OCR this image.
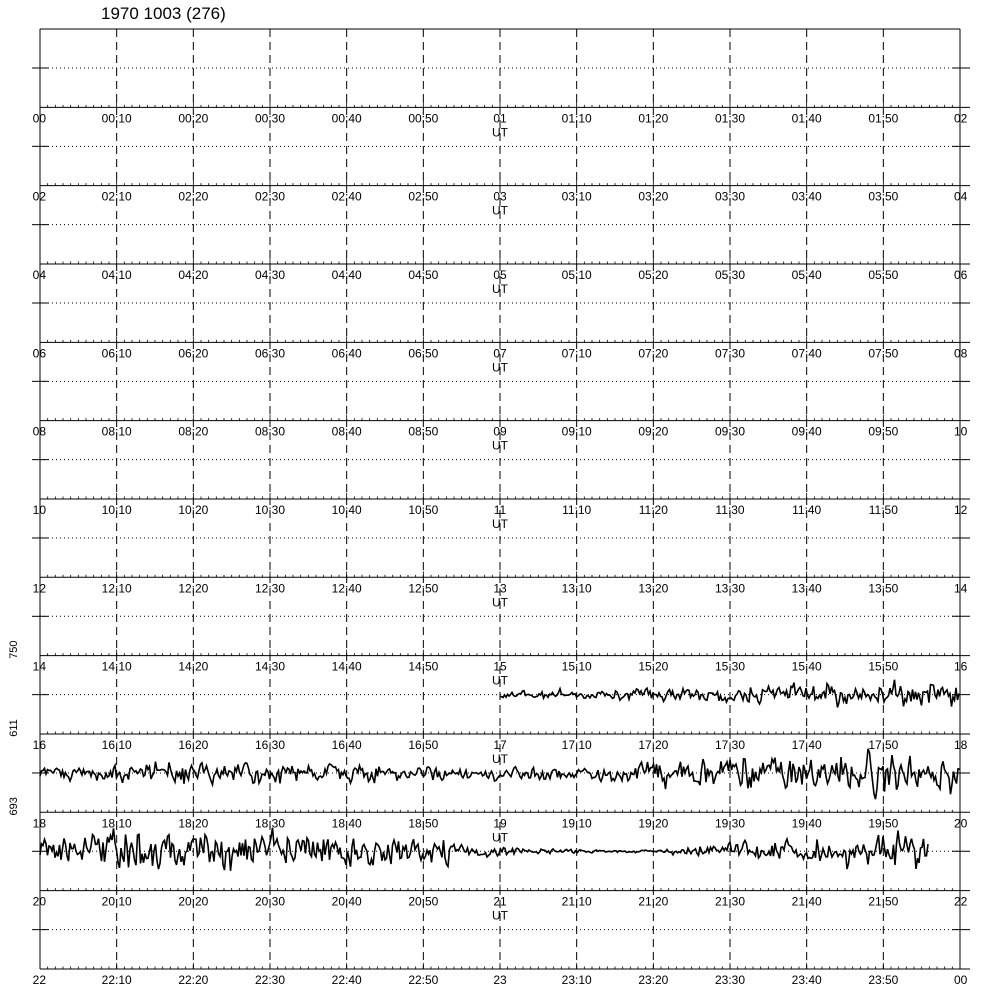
1970 1003 (276)
00	00:10	00:20	00:30	00:40	00:50	01	01:10	01:20	01:30	01:40	01:50	02
UT
02	02:10	02:20	02:30	02:40	02:50	03	03:10	03:20	03:30	03:40	03:50	04
UT
04	04:10	04:20	04:30	04:40	04:50	05	05:10	05:20	05:30	05:40	05:50	06
UT
06	06:10	06:20	06:30	06:40	06:50	07	07:10	07:20	07:30	07:40	07:50	08
UT
08	08:10	08:20	08:30	08:40	08:50	09	09:10	09:20	09:30	09:40	09:50	10
UT
10	10:10	10:20	10:30	10:40	10:50	11	11:10	11:20	11:30	11:40	11:50	12
UT
12	12:10	12:20	12:30	12:40	12:50	13	13:10	13:20	13:30	13:40	13:50	14
UT
14	14:10	14:20	14:30	14:40	14:50	15	15:10	15:20	15:30	15:40	15:50	16
UT
16	16:10	16:20	16:30	16:40	16:50	17	17:10	17:20	17:30	17:40	17:50	18
UT
750
18	18:10	18:20	18:30	18:40	18:50	19	19:10	19:20	19:30	19:40	19:50	20
UT
611
20	20:10	20:20	20:30	20:40	20:50	21	21:10	21:20	21:30	21:40	21:50	22
UT
693
22	22:10	22:20	22:30	22:40	22:50	23	23:10	23:20	23:30	23:40	23:50	00
